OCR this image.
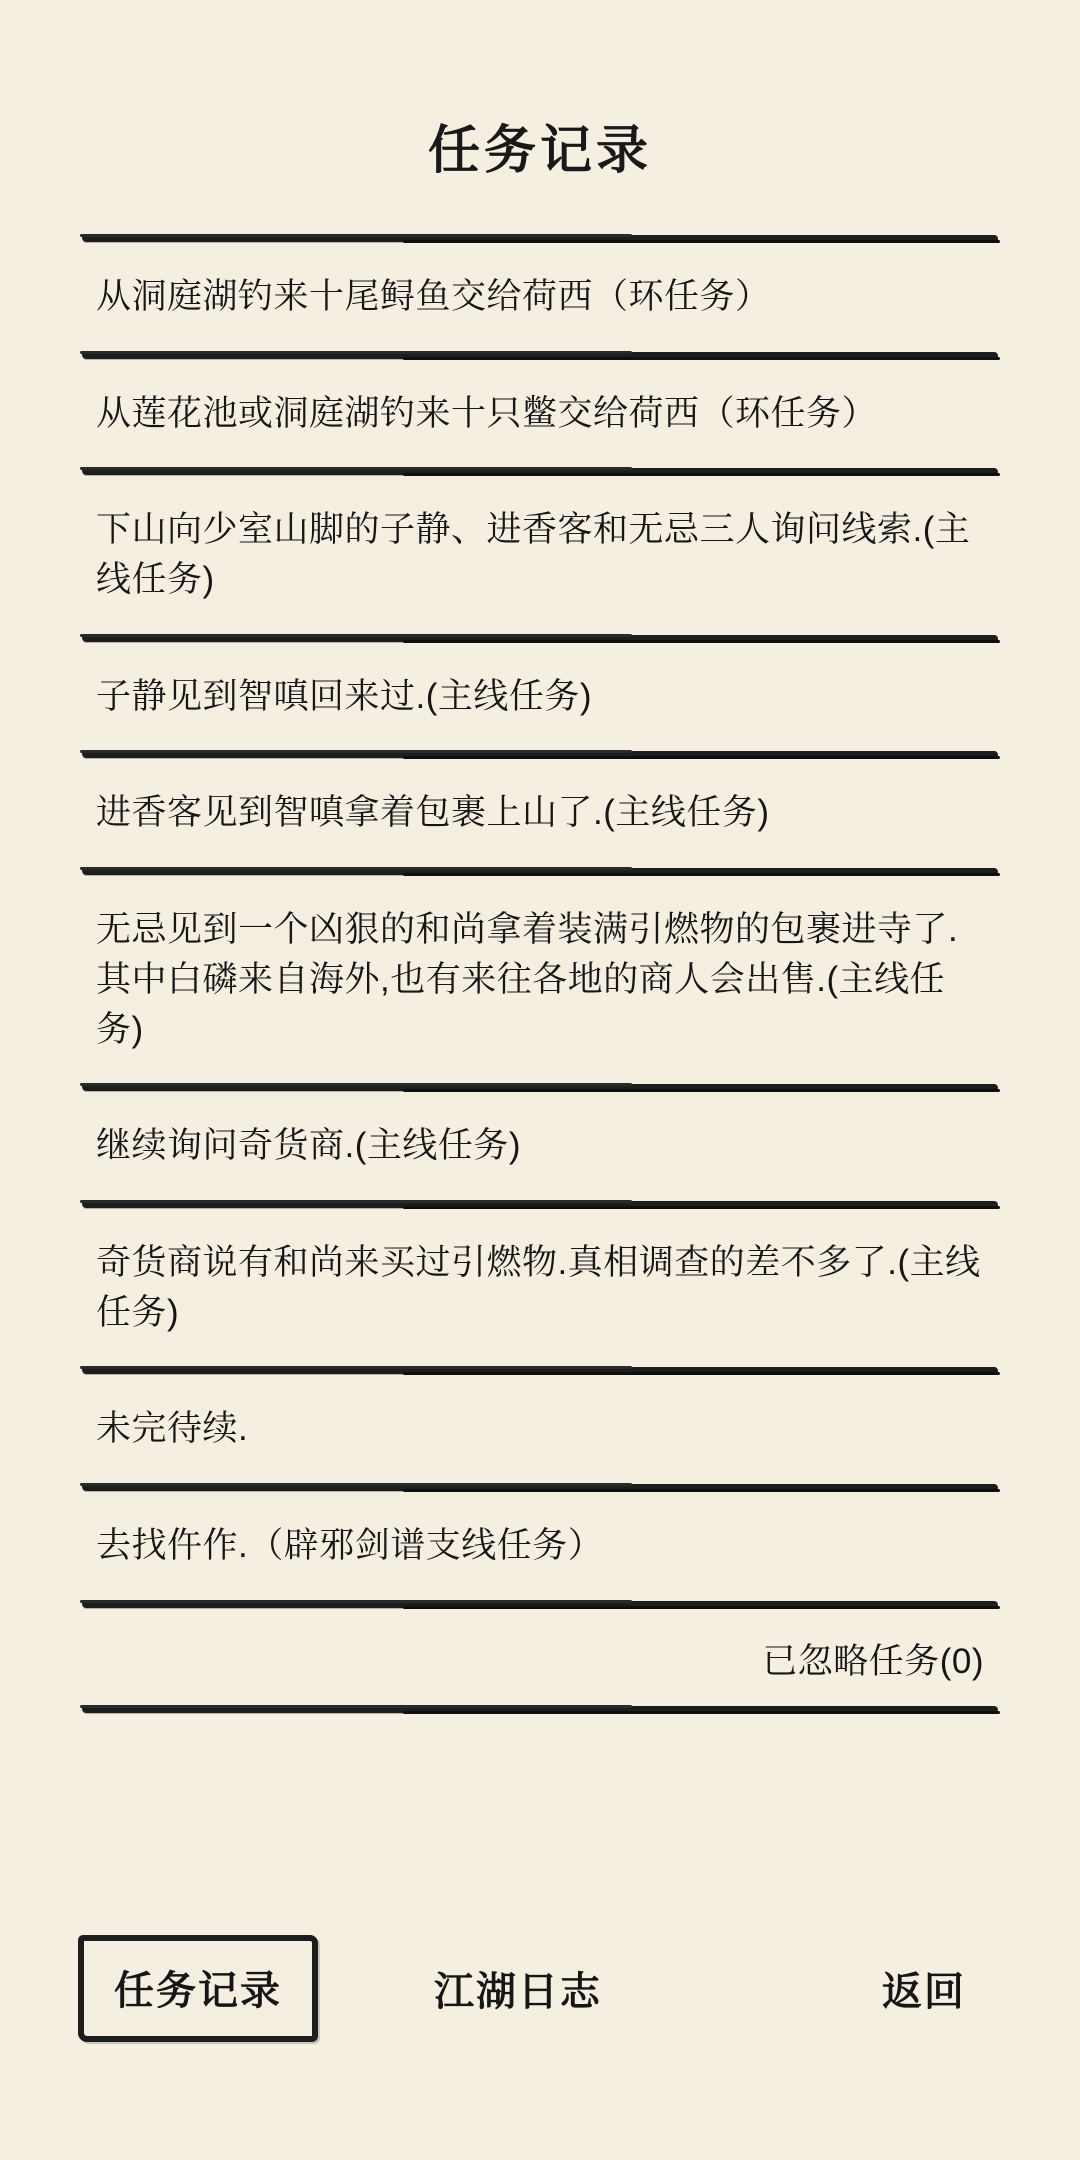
任务记录
从洞庭湖钓来十尾鲟鱼交给荷西（环任务）
从莲花池或洞庭湖钓来十只鳖交给荷西（环任务）
下山向少室山脚的子静、进香客和无忌三人询问线索.(主线任务)
子静见到智嗔回来过.(主线任务)
进香客见到智嗔拿着包裹上山了.(主线任务)
无忌见到一个凶狠的和尚拿着装满引燃物的包裹进寺了.其中白磷来自海外,也有来往各地的商人会出售.(主线任务)
继续询问奇货商.(主线任务)
奇货商说有和尚来买过引燃物.真相调查的差不多了.(主线任务)
未完待续.
去找仵作.（辟邪剑谱支线任务）
已忽略任务(0)
任务记录	江湖日志	返回
